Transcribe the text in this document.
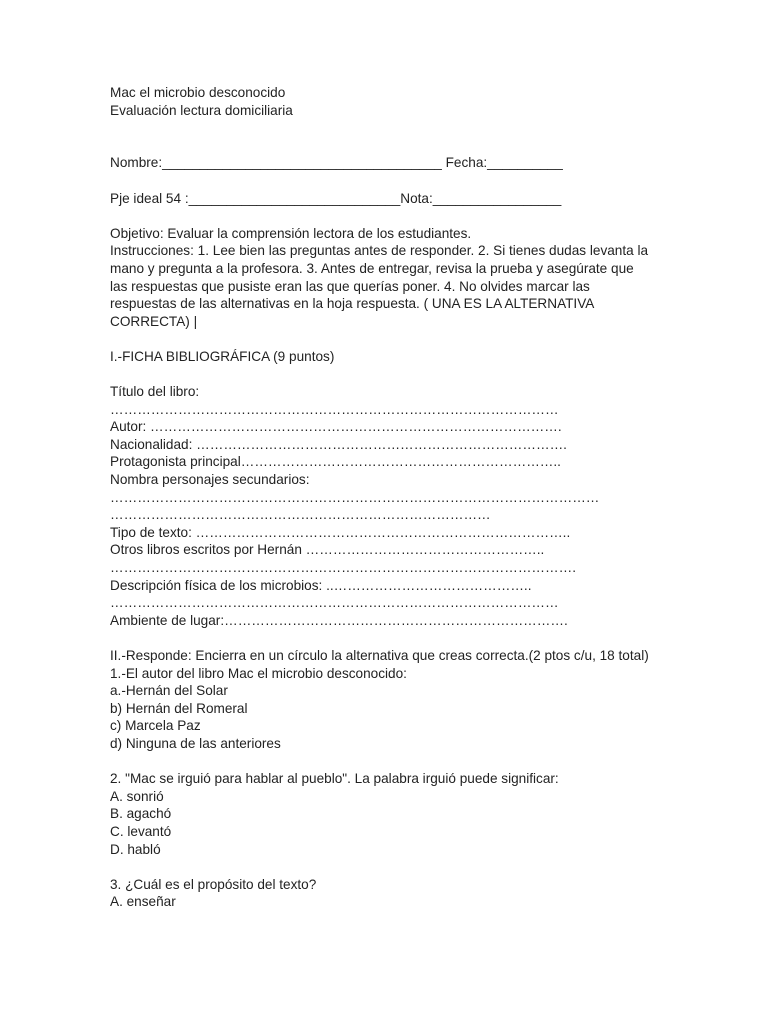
Mac el microbio desconocido
Evaluación lectura domiciliaria
Nombre:_____________________________________ Fecha:__________
Pje ideal 54 :____________________________Nota:_________________
Objetivo: Evaluar la comprensión lectora de los estudiantes.
Instrucciones: 1. Lee bien las preguntas antes de responder. 2. Si tienes dudas levanta la mano y pregunta a la profesora. 3. Antes de entregar, revisa la prueba y asegúrate que las respuestas que pusiste eran las que querías poner. 4. No olvides marcar las respuestas de las alternativas en la hoja respuesta. ( UNA ES LA ALTERNATIVA CORRECTA) |
I.-FICHA BIBLIOGRÁFICA (9 puntos)
Título del libro:
………………………………………………………………………………………
Autor: ……………………………………………………………………………….
Nacionalidad: ……………………………………………………………………….
Protagonista principal……………………………………………………………..
Nombra personajes secundarios:
………………………………………………………………………………………………
…………………………………………………………………………
Tipo de texto: ………………………………………………………………………..
Otros libros escritos por Hernán ……………………………………………..
………………………………………………………………………………………….
Descripción física de los microbios: ..……………………………………..
………………………………………………………………………………………
Ambiente de lugar:………………………………………………………………….
II.-Responde: Encierra en un círculo la alternativa que creas correcta.(2 ptos c/u, 18 total)
1.-El autor del libro Mac el microbio desconocido:
a.-Hernán del Solar
b) Hernán del Romeral
c) Marcela Paz
d) Ninguna de las anteriores
2. "Mac se irguió para hablar al pueblo". La palabra irguió puede significar:
A. sonrió
B. agachó
C. levantó
D. habló
3. ¿Cuál es el propósito del texto?
A. enseñar
